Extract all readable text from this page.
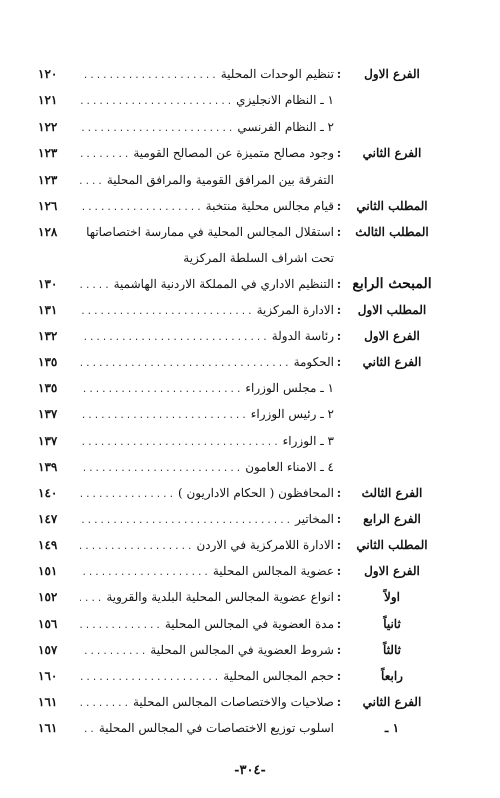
الفرع الاول
:
تنظيم الوحدات المحلية
.....
١٢٠
١ ـ النظام الانجليزي
.....
١٢١
٢ ـ النظام الفرنسي
.....
١٢٢
الفرع الثاني
:
وجود مصالح متميزة عن المصالح القومية
.....
١٢٣
التفرقة بين المرافق القومية والمرافق المحلية
.....
١٢٣
المطلب الثاني
:
قيام مجالس محلية منتخبة
.....
١٢٦
المطلب الثالث
:
استقلال المجالس المحلية في ممارسة اختصاصاتها
.....
١٢٨
تحت اشراف السلطة المركزية
المبحث الرابع
:
التنظيم الاداري في المملكة الاردنية الهاشمية
.....
١٣٠
المطلب الاول
:
الادارة المركزية
.....
١٣١
الفرع الاول
:
رئاسة الدولة
.....
١٣٢
الفرع الثاني
:
الحكومة
.....
١٣٥
١ ـ مجلس الوزراء
.....
١٣٥
٢ ـ رئيس الوزراء
.....
١٣٧
٣ ـ الوزراء
.....
١٣٧
٤ ـ الامناء العامون
.....
١٣٩
الفرع الثالث
:
المحافظون ( الحكام الاداريون )
.....
١٤٠
الفرع الرابع
:
المخاتير
.....
١٤٧
المطلب الثاني
:
الادارة اللامركزية في الاردن
.....
١٤٩
الفرع الاول
:
عضوية المجالس المحلية
.....
١٥١
اولاً
:
انواع عضوية المجالس المحلية البلدية والقروية
.....
١٥٢
ثانياً
:
مدة العضوية في المجالس المحلية
.....
١٥٦
ثالثاً
:
شروط العضوية في المجالس المحلية
.....
١٥٧
رابعاً
:
حجم المجالس المحلية
.....
١٦٠
الفرع الثاني
:
صلاحيات والاختصاصات المجالس المحلية
.....
١٦١
١ ـ
اسلوب توزيع الاختصاصات في المجالس المحلية
.....
١٦١
-٣٠٤-
